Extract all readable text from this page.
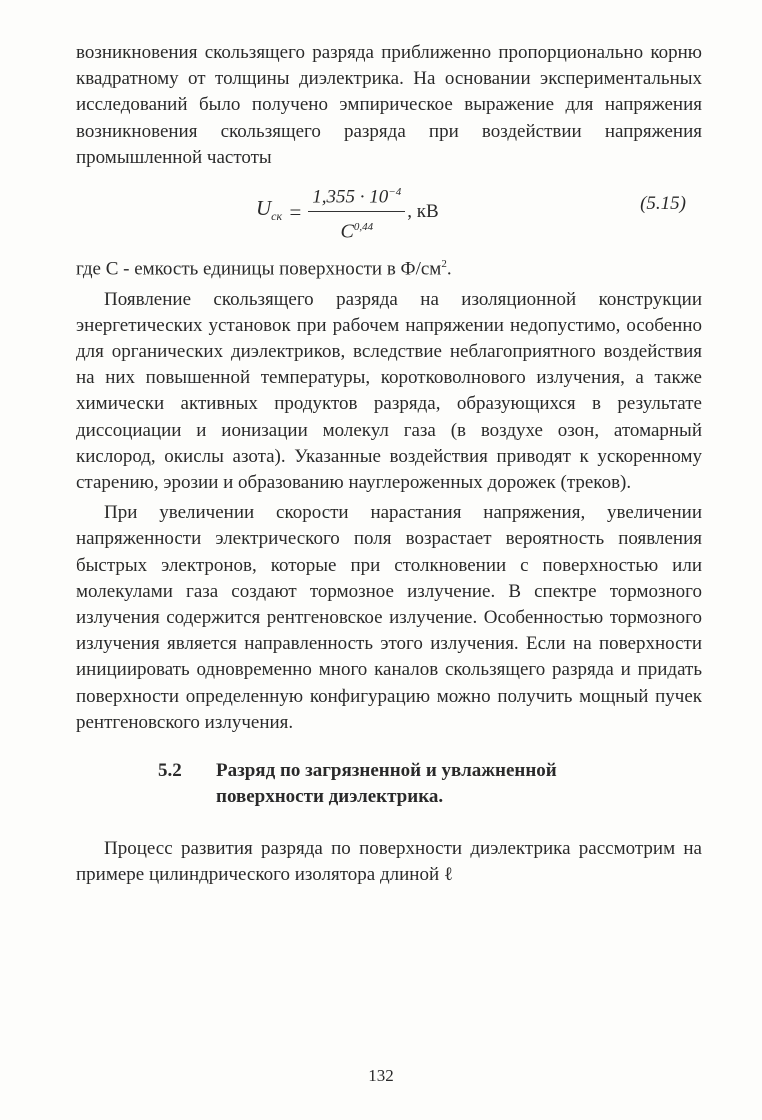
возникновения скользящего разряда приближенно пропорционально корню квадратному от толщины диэлектрика. На основании экспериментальных исследований было получено эмпирическое выражение для напряжения возникновения скользящего разряда при воздействии напряжения промышленной частоты

$U_{ск} = \frac{1,355 \cdot 10^{-4}}{C^{0,44}}$ , кВ	(5.15)

где C - емкость единицы поверхности в $Ф/см^2$.

Появление скользящего разряда на изоляционной конструкции энергетических установок при рабочем напряжении недопустимо, особенно для органических диэлектриков, вследствие неблагоприятного воздействия на них повышенной температуры, коротковолнового излучения, а также химически активных продуктов разряда, образующихся в результате диссоциации и ионизации молекул газа (в воздухе озон, атомарный кислород, окислы азота). Указанные воздействия приводят к ускоренному старению, эрозии и образованию науглероженных дорожек (треков).

При увеличении скорости нарастания напряжения, увеличении напряженности электрического поля возрастает вероятность появления быстрых электронов, которые при столкновении с поверхностью или молекулами газа создают тормозное излучение. В спектре тормозного излучения содержится рентгеновское излучение. Особенностью тормозного излучения является направленность этого излучения. Если на поверхности инициировать одновременно много каналов скользящего разряда и придать поверхности определенную конфигурацию можно получить мощный пучек рентгеновского излучения.

5.2	Разряд по загрязненной и увлажненной поверхности диэлектрика.

Процесс развития разряда по поверхности диэлектрика рассмотрим на примере цилиндрического изолятора длиной ℓ

132
